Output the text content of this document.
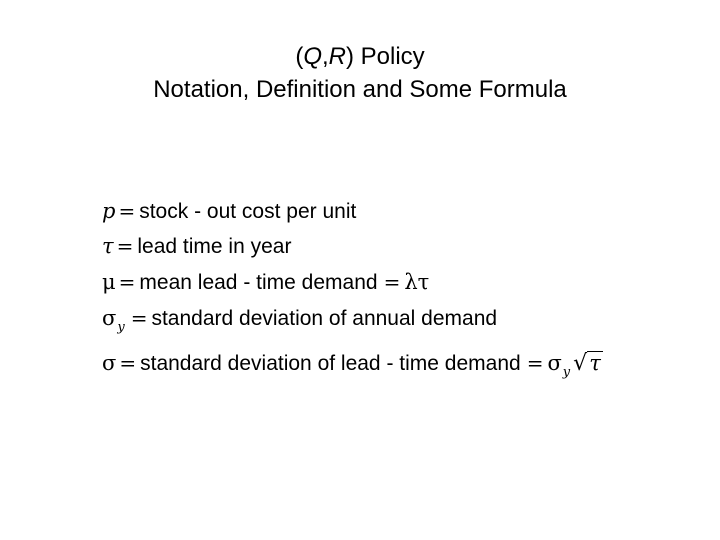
(Q,R) Policy
Notation, Definition and Some Formula
p = stock - out cost per unit
τ = lead time in year
μ = mean lead - time demand = λτ
$\sigma_y$ = standard deviation of annual demand
σ = standard deviation of lead - time demand = $\sigma_y$ √τ
